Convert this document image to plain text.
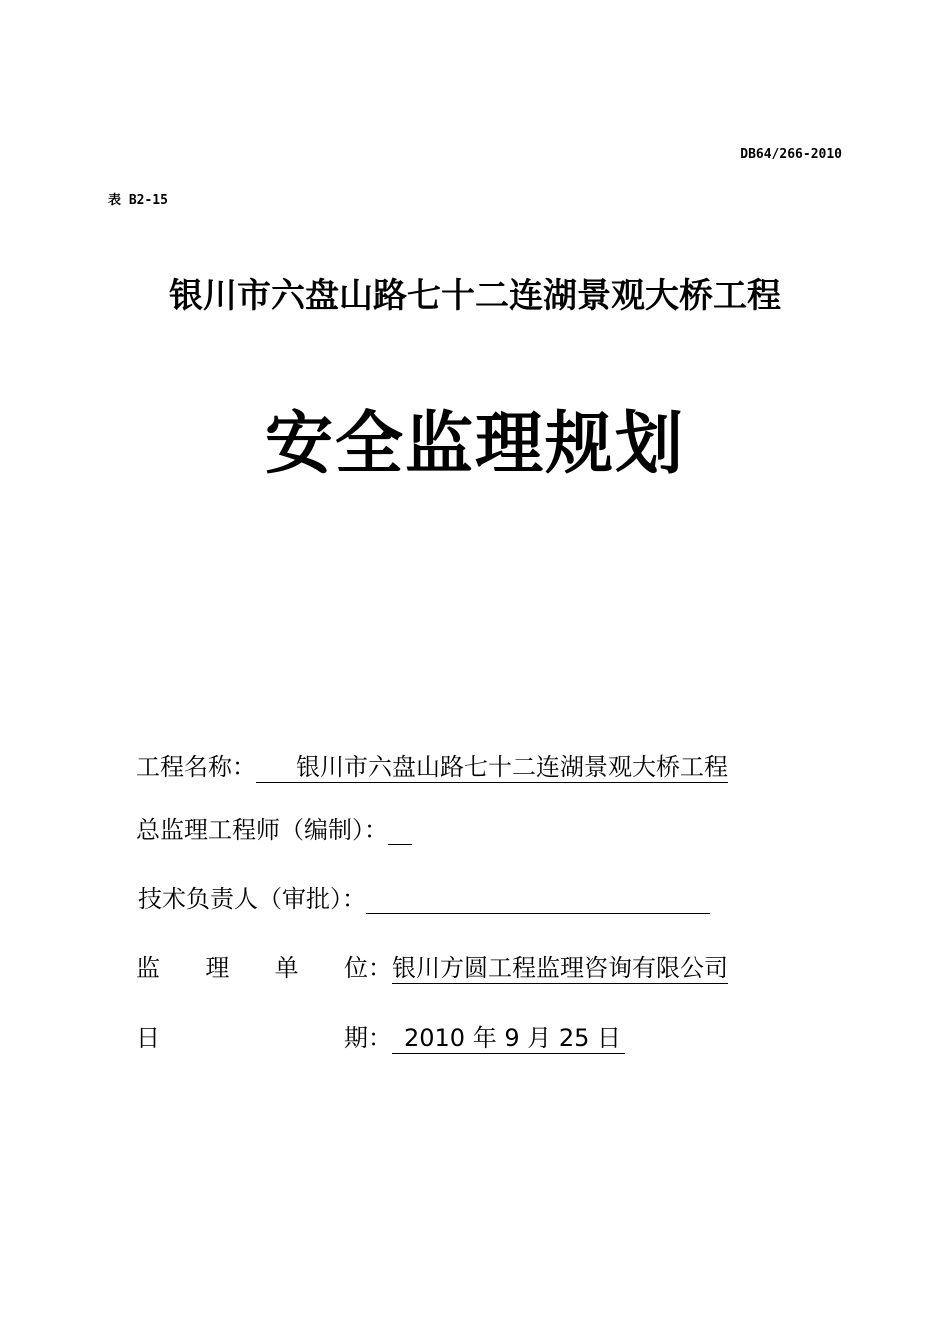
DB64/266-2010
表 B2-15
银川市六盘山路七十二连湖景观大桥工程
安全监理规划
工程名称： 银川市六盘山路七十二连湖景观大桥工程
总监理工程师（编制）：
技术负责人（审批）：
监 理 单 位 ：银川方圆工程监理咨询有限公司
日	期 ： 2010 年 9 月 25 日
